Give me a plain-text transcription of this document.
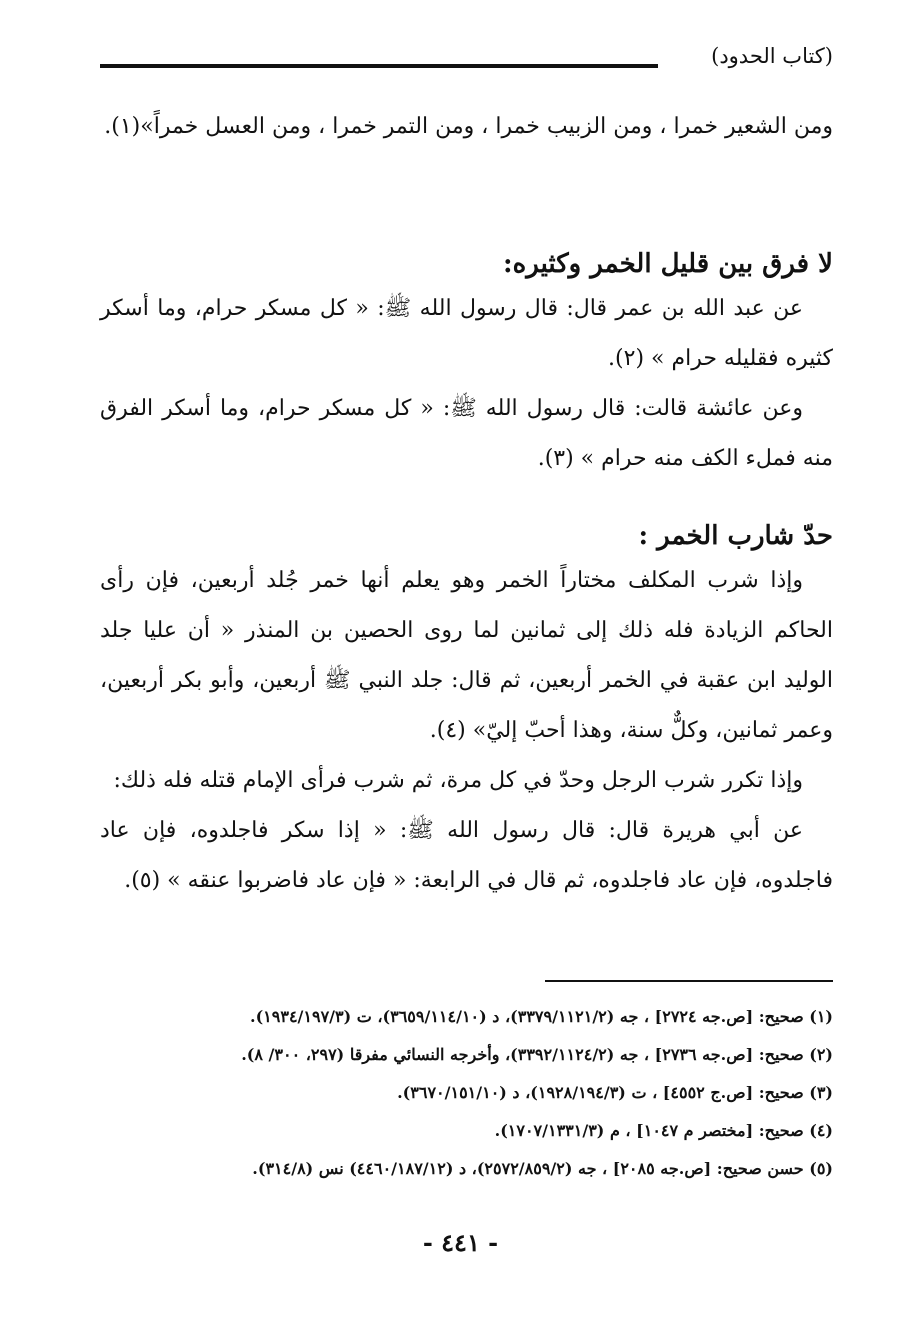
(كتاب الحدود)

ومن الشعير خمرا ، ومن الزبيب خمرا ، ومن التمر خمرا ، ومن العسل خمراً»(١).

لا فرق بين قليل الخمر وكثيره:

عن عبد الله بن عمر قال: قال رسول الله ﷺ: « كل مسكر حرام، وما أسكر كثيره فقليله حرام » (٢).

وعن عائشة قالت: قال رسول الله ﷺ: « كل مسكر حرام، وما أسكر الفرق منه فملء الكف منه حرام » (٣).

حدّ شارب الخمر :

وإذا شرب المكلف مختاراً الخمر وهو يعلم أنها خمر جُلد أربعين، فإن رأى الحاكم الزيادة فله ذلك إلى ثمانين لما روى الحصين بن المنذر « أن عليا جلد الوليد ابن عقبة في الخمر أربعين، ثم قال: جلد النبي ﷺ أربعين، وأبو بكر أربعين، وعمر ثمانين، وكلٌّ سنة، وهذا أحبّ إليّ» (٤).

وإذا تكرر شرب الرجل وحدّ في كل مرة، ثم شرب فرأى الإمام قتله فله ذلك:

عن أبي هريرة قال: قال رسول الله ﷺ: « إذا سكر فاجلدوه، فإن عاد فاجلدوه، فإن عاد فاجلدوه، ثم قال في الرابعة: « فإن عاد فاضربوا عنقه » (٥).

(١) صحيح: [ص.جه ٢٧٢٤] ، جه (٣٣٧٩/١١٢١/٢)، د (٣٦٥٩/١١٤/١٠)، ت (١٩٣٤/١٩٧/٣).
(٢) صحيح: [ص.جه ٢٧٣٦] ، جه (٣٣٩٢/١١٢٤/٢)، وأخرجه النسائي مفرقا (٢٩٧، ٣٠٠/ ٨).
(٣) صحيح: [ص.ج ٤٥٥٢] ، ت (١٩٢٨/١٩٤/٣)، د (٣٦٧٠/١٥١/١٠).
(٤) صحيح: [مختصر م ١٠٤٧] ، م (١٧٠٧/١٣٣١/٣).
(٥) حسن صحيح: [ص.جه ٢٠٨٥] ، جه (٢٥٧٢/٨٥٩/٢)، د (٤٤٦٠/١٨٧/١٢) نس (٣١٤/٨).
- ٤٤١ -
